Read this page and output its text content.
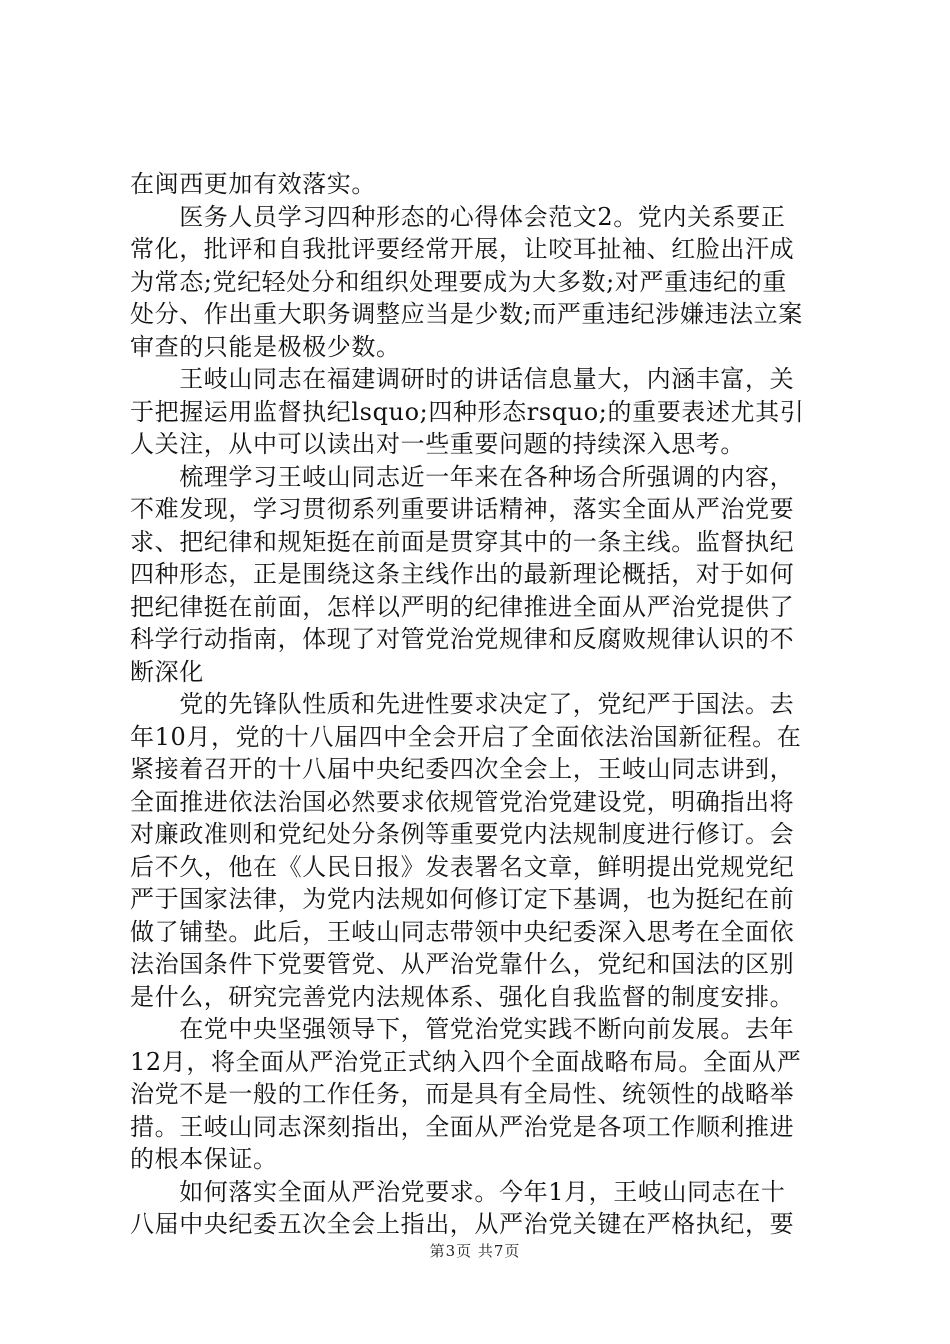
在闽西更加有效落实。
　　医务人员学习四种形态的心得体会范文2。党内关系要正
常化，批评和自我批评要经常开展，让咬耳扯袖、红脸出汗成
为常态;党纪轻处分和组织处理要成为大多数;对严重违纪的重
处分、作出重大职务调整应当是少数;而严重违纪涉嫌违法立案
审查的只能是极极少数。
　　王岐山同志在福建调研时的讲话信息量大，内涵丰富，关
于把握运用监督执纪lsquo;四种形态rsquo;的重要表述尤其引
人关注，从中可以读出对一些重要问题的持续深入思考。
　　梳理学习王岐山同志近一年来在各种场合所强调的内容，
不难发现，学习贯彻系列重要讲话精神，落实全面从严治党要
求、把纪律和规矩挺在前面是贯穿其中的一条主线。监督执纪
四种形态，正是围绕这条主线作出的最新理论概括，对于如何
把纪律挺在前面，怎样以严明的纪律推进全面从严治党提供了
科学行动指南，体现了对管党治党规律和反腐败规律认识的不
断深化
　　党的先锋队性质和先进性要求决定了，党纪严于国法。去
年10月，党的十八届四中全会开启了全面依法治国新征程。在
紧接着召开的十八届中央纪委四次全会上，王岐山同志讲到，
全面推进依法治国必然要求依规管党治党建设党，明确指出将
对廉政准则和党纪处分条例等重要党内法规制度进行修订。会
后不久，他在《人民日报》发表署名文章，鲜明提出党规党纪
严于国家法律，为党内法规如何修订定下基调，也为挺纪在前
做了铺垫。此后，王岐山同志带领中央纪委深入思考在全面依
法治国条件下党要管党、从严治党靠什么，党纪和国法的区别
是什么，研究完善党内法规体系、强化自我监督的制度安排。
　　在党中央坚强领导下，管党治党实践不断向前发展。去年
12月，将全面从严治党正式纳入四个全面战略布局。全面从严
治党不是一般的工作任务，而是具有全局性、统领性的战略举
措。王岐山同志深刻指出，全面从严治党是各项工作顺利推进
的根本保证。
　　如何落实全面从严治党要求。今年1月，王岐山同志在十
八届中央纪委五次全会上指出，从严治党关键在严格执纪，要
第3页 共7页
